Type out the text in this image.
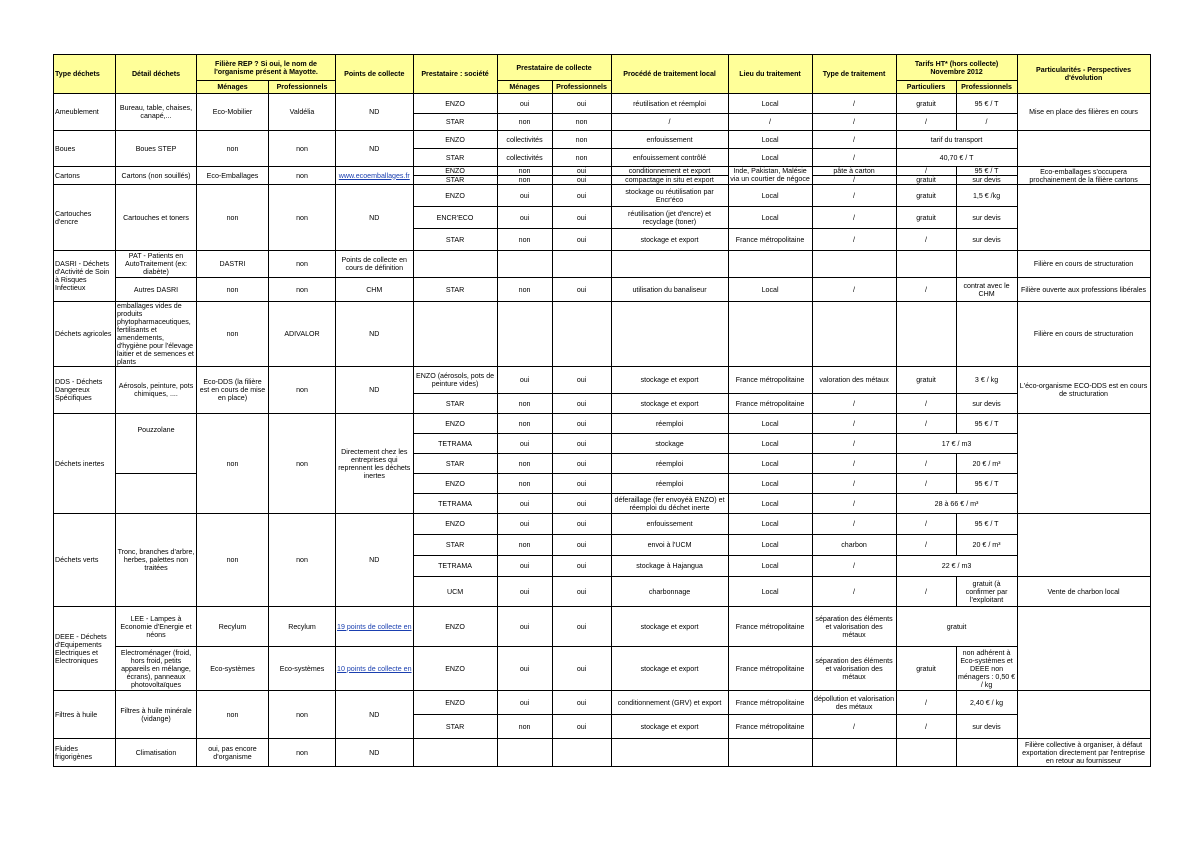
Type déchets	Détail déchets	Filière REP ? Si oui, le nom de l'organisme présent à Mayotte.		Points de collecte	Prestataire : société	Prestataire de collecte		Procédé de traitement local	Lieu du traitement	Type de traitement	Tarifs HT* (hors collecte) Novembre 2012		Particularités - Perspectives d'évolution
		Ménages	Professionnels			Ménages	Professionnels				Particuliers	Professionnels	
Ameublement	Bureau, table, chaises, canapé,...	Eco-Mobilier	Valdélia	ND	ENZO	oui	oui	réutilisation et réemploi	Local	/	gratuit	95 € / T	Mise en place des filières en cours
					STAR	non	non	/	/	/	/	/	
Boues	Boues STEP	non	non	ND	ENZO	collectivités	non	enfouissement	Local	/	tarif du transport		
					STAR	collectivités	non	enfouissement contrôlé	Local	/	40,70 € / T		
Cartons	Cartons (non souillés)	Eco-Emballages	non	www.ecoemballages.fr	ENZO	non	oui	conditionnement et export	Inde, Pakistan, Malésie via un courtier de négoce	pâte à carton	/	95 € / T	Eco-emballages s'occupera prochainement de la filière cartons
					STAR	non	oui	compactage in situ et export		/	gratuit	sur devis	
Cartouches d'encre	Cartouches et toners	non	non	ND	ENZO	oui	oui	stockage ou réutilisation par Encr'éco	Local	/	gratuit	1,5 € /kg	
					ENCR'ECO	oui	oui	réutilisation (jet d'encre) et recyclage (toner)	Local	/	gratuit	sur devis	
					STAR	non	oui	stockage et export	France métropolitaine	/	/	sur devis	
DASRI - Déchets d'Activité de Soin à Risques Infectieux	PAT - Patients en AutoTraitement (ex: diabète)	DASTRI	non	Points de collecte en cours de définition									Filière en cours de structuration
	Autres DASRI	non	non	CHM	STAR	non	oui	utilisation du banaliseur	Local	/	/	contrat avec le CHM	Filière ouverte aux professions libérales
Déchets agricoles	emballages vides de produits phytopharmaceutiques, fertilisants et amendements, d'hygiène pour l'élevage laitier et de semences et plants	non	ADIVALOR	ND									Filière en cours de structuration
DDS - Déchets Dangereux Spécifiques	Aérosols, peinture, pots chimiques, ....	Eco-DDS (la filière est en cours de mise en place)	non	ND	ENZO (aérosols, pots de peinture vides)	oui	oui	stockage et export	France métropolitaine	valoration des métaux	gratuit	3 € / kg	L'éco-organisme ECO-DDS est en cours de structuration
					STAR	non	oui	stockage et export	France métropolitaine	/	/	sur devis	
Déchets inertes	Pouzzolane	non	non	Directement chez les entreprises qui reprennent les déchets inertes	ENZO	non	oui	réemploi	Local	/	/	95 € / T	
					TETRAMA	oui	oui	stockage	Local	/	17 € / m3		
					STAR	non	oui	réemploi	Local	/	/	20 € / m³	
					ENZO	non	oui	réemploi	Local	/	/	95 € / T	
					TETRAMA	oui	oui	déferaillage (fer envoyéà ENZO) et réemploi du déchet inerte	Local	/	28 à 66 € / m³		
Déchets verts	Tronc, branches d'arbre, herbes, palettes non traitées	non	non	ND	ENZO	oui	oui	enfouissement	Local	/	/	95 € / T	
					STAR	non	oui	envoi à l'UCM	Local	charbon	/	20 € / m³	
					TETRAMA	oui	oui	stockage à Hajangua	Local	/	22 € / m3		
					UCM	oui	oui	charbonnage	Local	/	/	gratuit (à confirmer par l'exploitant	Vente de charbon local
DEEE - Déchets d'Equipements Electriques et Electroniques	LEE - Lampes à Economie d'Energie et néons	Recylum	Recylum	19 points de collecte en	ENZO	oui	oui	stockage et export	France métropolitaine	séparation des éléments et valorisation des métaux	gratuit		
	Electroménager (froid, hors froid, petits appareils en mélange, écrans), panneaux photovoltaïques	Eco-systèmes	Eco-systèmes	10 points de collecte en	ENZO	oui	oui	stockage et export	France métropolitaine	séparation des éléments et valorisation des métaux	gratuit	non adhérent à Eco-systèmes et DEEE non ménagers : 0,50 € / kg	
Filtres à huile	Filtres à huile minérale (vidange)	non	non	ND	ENZO	oui	oui	conditionnement (GRV) et export	France métropolitaine	dépollution et valorisation des métaux	/	2,40 € / kg	
					STAR	non	oui	stockage et export	France métropolitaine	/	/	sur devis	
Fluides frigorigènes	Climatisation	oui, pas encore d'organisme	non	ND									Filière collective à organiser, à défaut exportation directement par l'entreprise en retour au fournisseur
